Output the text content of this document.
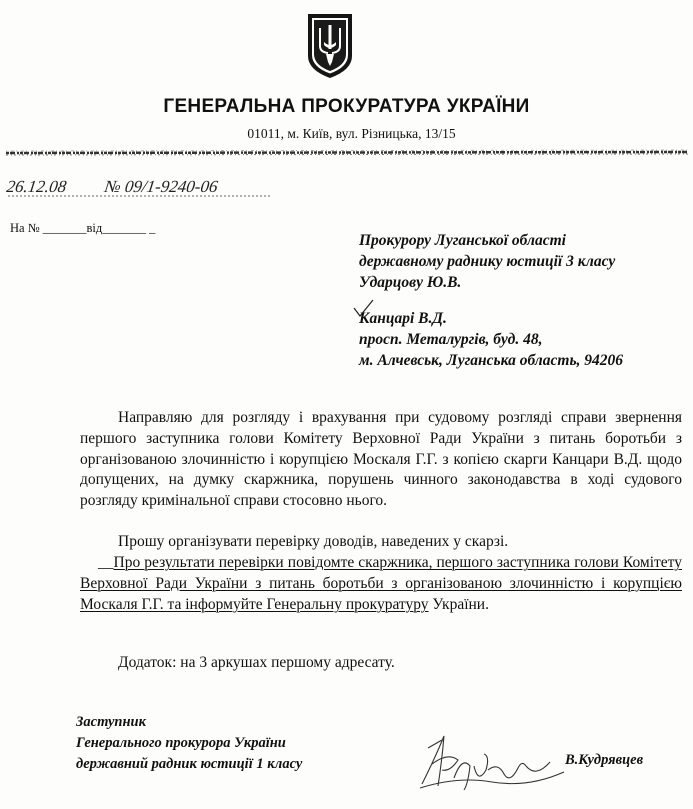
ГЕНЕРАЛЬНА ПРОКУРАТУРА УКРАЇНИ
01011, м. Київ, вул. Різницька, 13/15
26.12.08 № 09/1-9240-06
На № _______від_______ _
Прокурору Луганської області
державному раднику юстиції 3 класу
Ударцову Ю.В.
Канцарі В.Д.
просп. Металургів, буд. 48,
м. Алчевськ, Луганська область, 94206
Направляю для розгляду і врахування при судовому розгляді справи звернення першого заступника голови Комітету Верховної Ради України з питань боротьби з організованою злочинністю і корупцією Москаля Г.Г. з копією скарги Канцари В.Д. щодо допущених, на думку скаржника, порушень чинного законодавства в ході судового розгляду кримінальної справи стосовно нього.
Прошу організувати перевірку доводів, наведених у скарзі.
__Про результати перевірки повідомте скаржника, першого заступника голови Комітету Верховної Ради України з питань боротьби з організованою злочинністю і корупцією Москаля Г.Г. та інформуйте Генеральну прокуратуру України.
Додаток: на 3 аркушах першому адресату.
Заступник
Генерального прокурора України
державний радник юстиції 1 класу	В.Кудрявцев
